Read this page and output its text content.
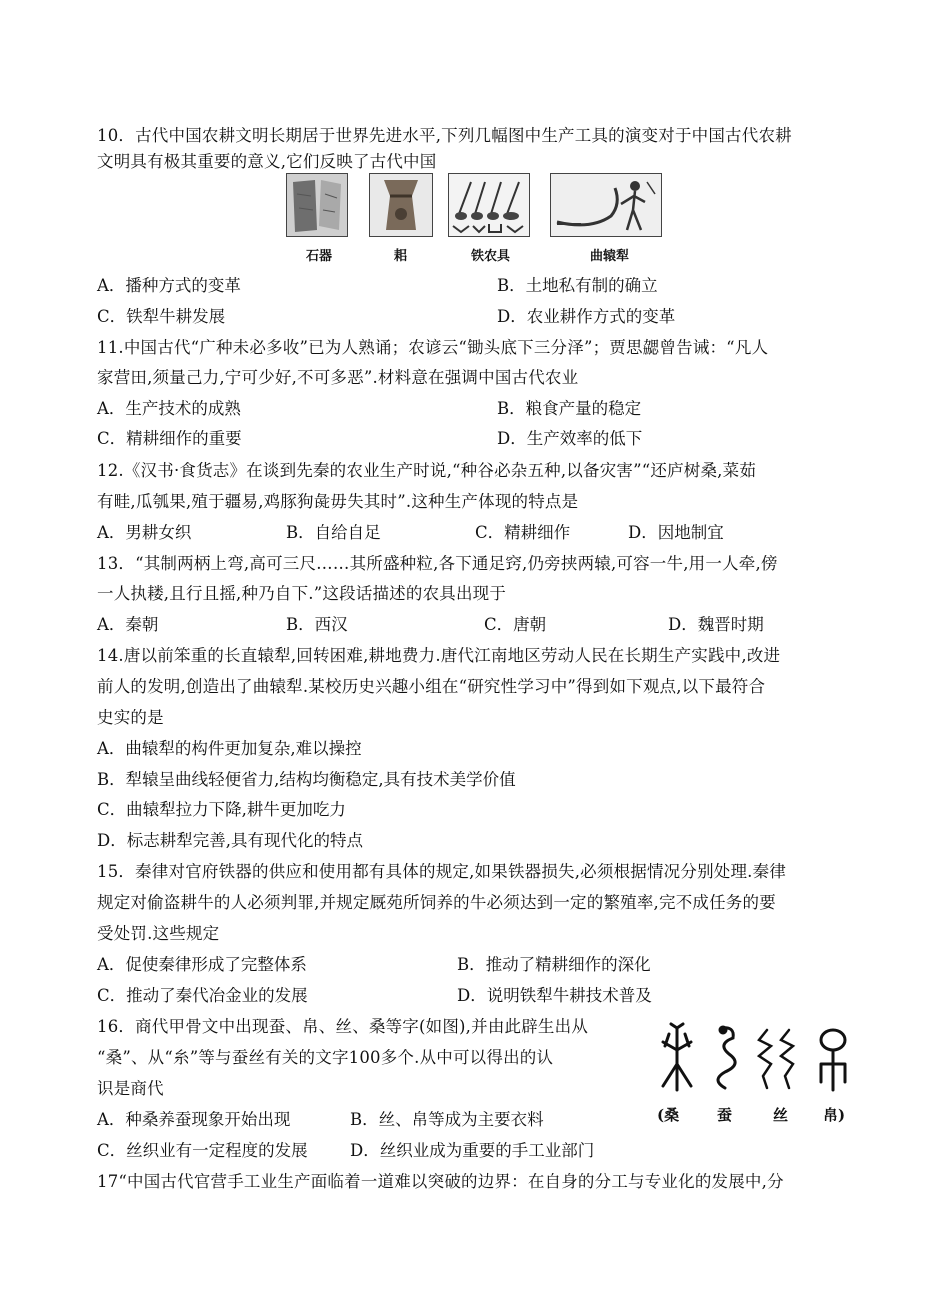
10．古代中国农耕文明长期居于世界先进水平,下列几幅图中生产工具的演变对于中国古代农耕
文明具有极其重要的意义,它们反映了古代中国
石器	耜	铁农具	曲辕犁
A．播种方式的变革	B．土地私有制的确立
C．铁犁牛耕发展	D．农业耕作方式的变革
11.中国古代“广种未必多收”已为人熟诵；农谚云“锄头底下三分泽”；贾思勰曾告诫：“凡人
家营田,须量己力,宁可少好,不可多恶”.材料意在强调中国古代农业
A．生产技术的成熟	B．粮食产量的稳定
C．精耕细作的重要	D．生产效率的低下
12.《汉书·食货志》在谈到先秦的农业生产时说,“种谷必杂五种,以备灾害”“还庐树桑,菜茹
有畦,瓜瓠果,殖于疆易,鸡豚狗彘毋失其时”.这种生产体现的特点是
A．男耕女织	B．自给自足	C．精耕细作	D．因地制宜
13．“其制两柄上弯,高可三尺……其所盛种粒,各下通足窍,仍旁挟两辕,可容一牛,用一人牵,傍
一人执耧,且行且摇,种乃自下.”这段话描述的农具出现于
A．秦朝	B．西汉	C．唐朝	D．魏晋时期
14.唐以前笨重的长直辕犁,回转困难,耕地费力.唐代江南地区劳动人民在长期生产实践中,改进
前人的发明,创造出了曲辕犁.某校历史兴趣小组在“研究性学习中”得到如下观点,以下最符合
史实的是
A．曲辕犁的构件更加复杂,难以操控
B．犁辕呈曲线轻便省力,结构均衡稳定,具有技术美学价值
C．曲辕犁拉力下降,耕牛更加吃力
D．标志耕犁完善,具有现代化的特点
15．秦律对官府铁器的供应和使用都有具体的规定,如果铁器损失,必须根据情况分别处理.秦律
规定对偷盗耕牛的人必须判罪,并规定厩苑所饲养的牛必须达到一定的繁殖率,完不成任务的要
受处罚.这些规定
A．促使秦律形成了完整体系	B．推动了精耕细作的深化
C．推动了秦代冶金业的发展	D．说明铁犁牛耕技术普及
16．商代甲骨文中出现蚕、帛、丝、桑等字(如图),并由此辟生出从
“桑”、从“糸”等与蚕丝有关的文字100多个.从中可以得出的认
识是商代
(桑	蚕	丝 帛)
A．种桑养蚕现象开始出现	B．丝、帛等成为主要衣料
C．丝织业有一定程度的发展	D．丝织业成为重要的手工业部门
17“中国古代官营手工业生产面临着一道难以突破的边界：在自身的分工与专业化的发展中,分
